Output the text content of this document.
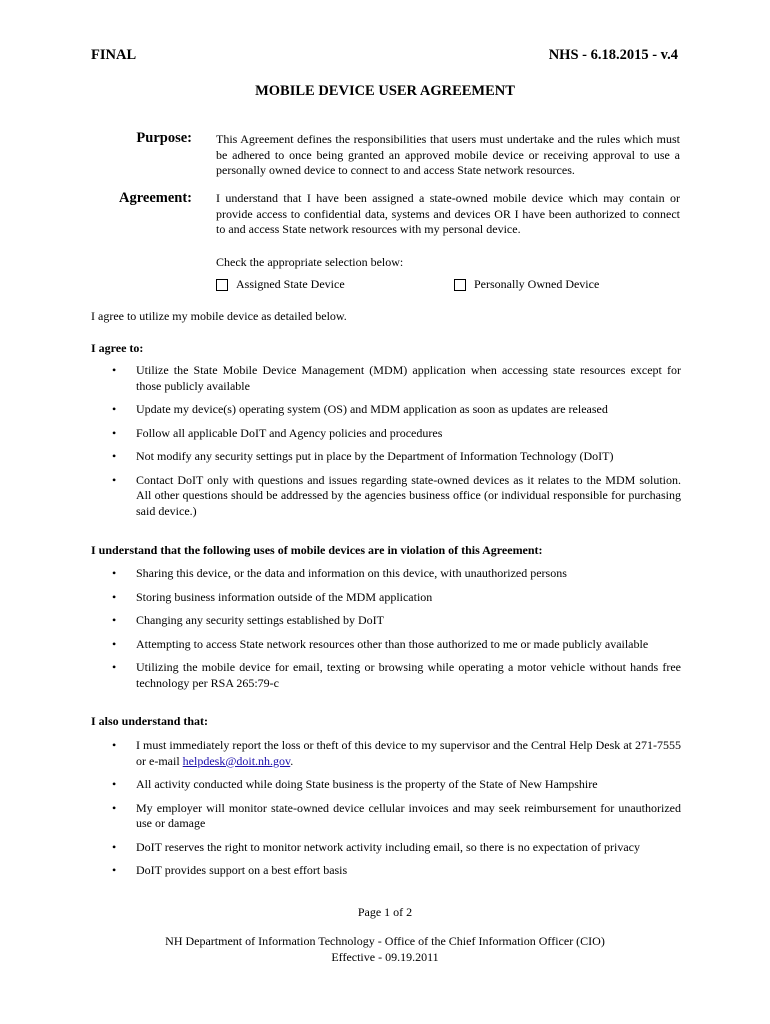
FINAL	NHS - 6.18.2015 - v.4
MOBILE DEVICE USER AGREEMENT
Purpose: This Agreement defines the responsibilities that users must undertake and the rules which must be adhered to once being granted an approved mobile device or receiving approval to use a personally owned device to connect to and access State network resources.
Agreement: I understand that I have been assigned a state-owned mobile device which may contain or provide access to confidential data, systems and devices OR I have been authorized to connect to and access State network resources with my personal device.
Check the appropriate selection below:
Assigned State Device	Personally Owned Device
I agree to utilize my mobile device as detailed below.
I agree to:
• Utilize the State Mobile Device Management (MDM) application when accessing state resources except for those publicly available
• Update my device(s) operating system (OS) and MDM application as soon as updates are released
• Follow all applicable DoIT and Agency policies and procedures
• Not modify any security settings put in place by the Department of Information Technology (DoIT)
• Contact DoIT only with questions and issues regarding state-owned devices as it relates to the MDM solution. All other questions should be addressed by the agencies business office (or individual responsible for purchasing said device.)
I understand that the following uses of mobile devices are in violation of this Agreement:
• Sharing this device, or the data and information on this device, with unauthorized persons
• Storing business information outside of the MDM application
• Changing any security settings established by DoIT
• Attempting to access State network resources other than those authorized to me or made publicly available
• Utilizing the mobile device for email, texting or browsing while operating a motor vehicle without hands free technology per RSA 265:79-c
I also understand that:
• I must immediately report the loss or theft of this device to my supervisor and the Central Help Desk at 271-7555 or e-mail helpdesk@doit.nh.gov.
• All activity conducted while doing State business is the property of the State of New Hampshire
• My employer will monitor state-owned device cellular invoices and may seek reimbursement for unauthorized use or damage
• DoIT reserves the right to monitor network activity including email, so there is no expectation of privacy
• DoIT provides support on a best effort basis
Page 1 of 2
NH Department of Information Technology - Office of the Chief Information Officer (CIO)
Effective - 09.19.2011
